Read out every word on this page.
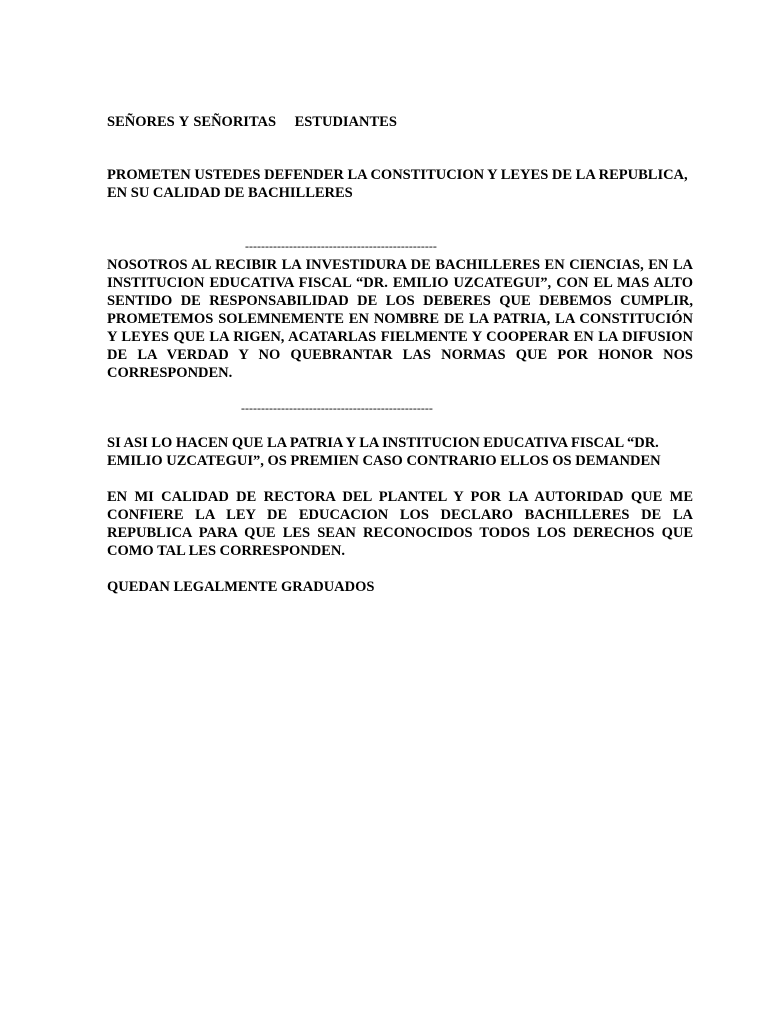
SEÑORES Y SEÑORITAS    ESTUDIANTES

PROMETEN USTEDES DEFENDER LA CONSTITUCION Y LEYES DE LA REPUBLICA, EN SU CALIDAD DE BACHILLERES

------------------------------------------------

NOSOTROS AL RECIBIR LA INVESTIDURA DE BACHILLERES EN CIENCIAS, EN LA INSTITUCION EDUCATIVA FISCAL “DR. EMILIO UZCATEGUI”, CON EL MAS ALTO SENTIDO DE RESPONSABILIDAD DE LOS DEBERES QUE DEBEMOS CUMPLIR, PROMETEMOS SOLEMNEMENTE EN NOMBRE DE LA PATRIA, LA CONSTITUCIÓN Y LEYES QUE LA RIGEN, ACATARLAS FIELMENTE Y COOPERAR EN LA DIFUSION DE LA VERDAD Y NO QUEBRANTAR LAS NORMAS QUE POR HONOR NOS CORRESPONDEN.

------------------------------------------------

SI ASI LO HACEN QUE LA PATRIA Y LA INSTITUCION EDUCATIVA FISCAL “DR. EMILIO UZCATEGUI”, OS PREMIEN CASO CONTRARIO ELLOS OS DEMANDEN

EN MI CALIDAD DE RECTORA DEL PLANTEL Y POR LA AUTORIDAD QUE ME CONFIERE LA LEY DE EDUCACION LOS DECLARO BACHILLERES DE LA REPUBLICA PARA QUE LES SEAN RECONOCIDOS TODOS LOS DERECHOS QUE COMO TAL LES CORRESPONDEN.

QUEDAN LEGALMENTE GRADUADOS
